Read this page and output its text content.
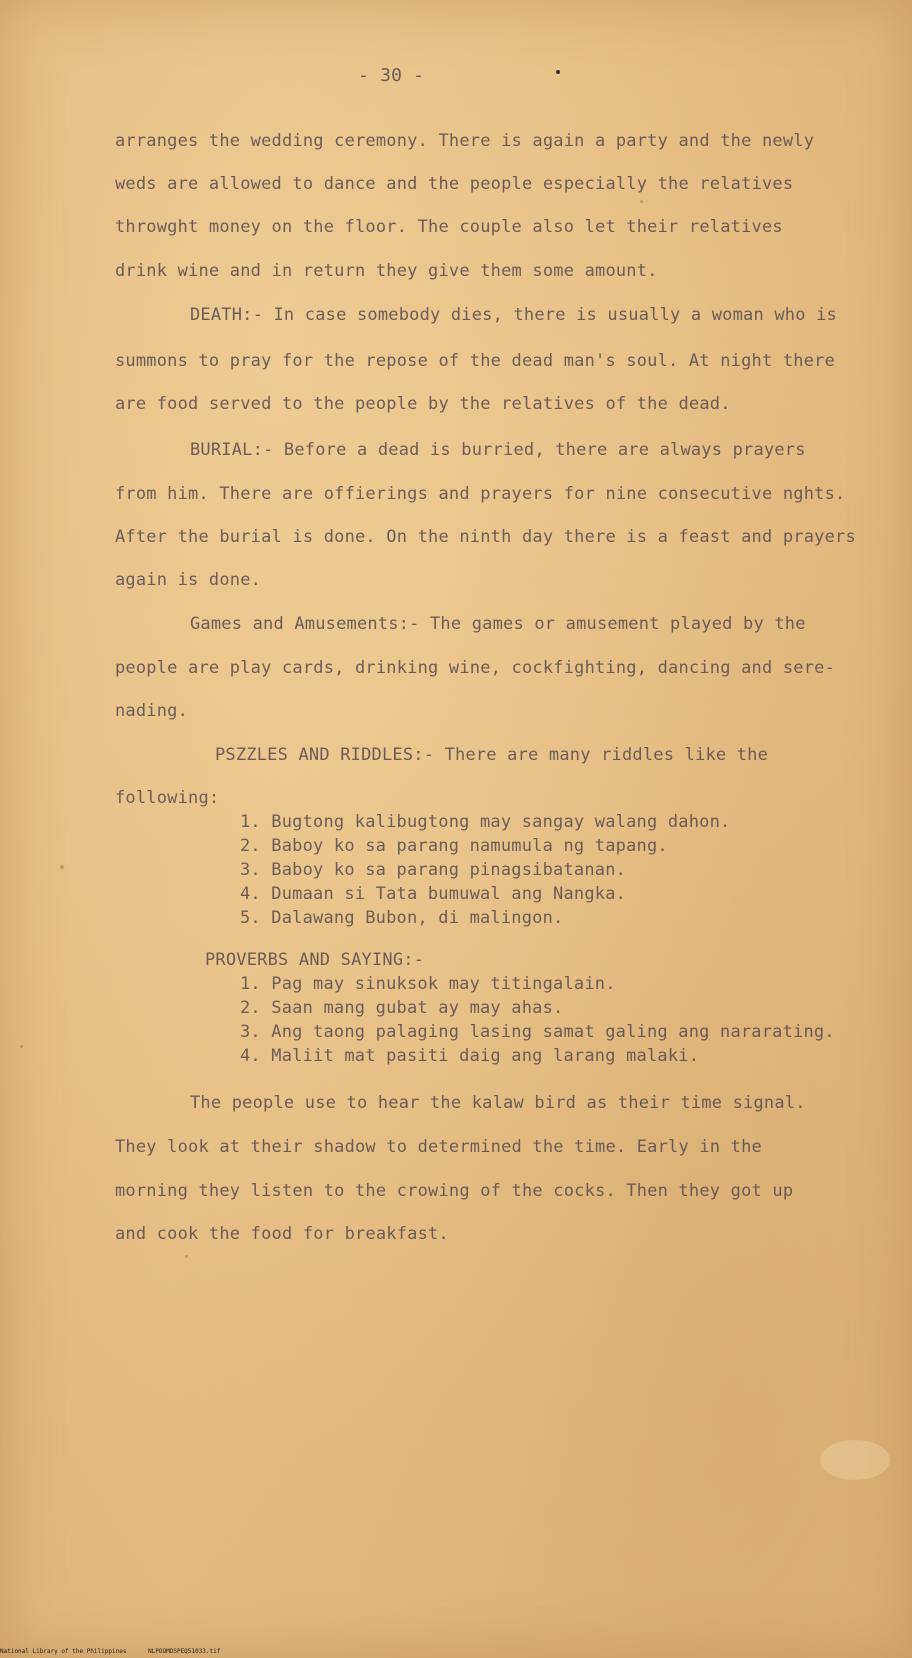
- 30 -
arranges the wedding ceremony. There is again a party and the newly
weds are allowed to dance and the people especially the relatives
throwght money on the floor. The couple also let their relatives
drink wine and in return they give them some amount.
DEATH:- In case somebody dies, there is usually a woman who is
summons to pray for the repose of the dead man's soul. At night there
are food served to the people by the relatives of the dead.
BURIAL:- Before a dead is burried, there are always prayers
from him. There are offierings and prayers for nine consecutive nghts.
After the burial is done. On the ninth day there is a feast and prayers
again is done.
Games and Amusements:- The games or amusement played by the
people are play cards, drinking wine, cockfighting, dancing and sere-
nading.
PSZZLES AND RIDDLES:- There are many riddles like the
following:
1. Bugtong kalibugtong may sangay walang dahon.
2. Baboy ko sa parang namumula ng tapang.
3. Baboy ko sa parang pinagsibatanan.
4. Dumaan si Tata bumuwal ang Nangka.
5. Dalawang Bubon, di malingon.
PROVERBS AND SAYING:-
1. Pag may sinuksok may titingalain.
2. Saan mang gubat ay may ahas.
3. Ang taong palaging lasing samat galing ang nararating.
4. Maliit mat pasiti daig ang larang malaki.
The people use to hear the kalaw bird as their time signal.
They look at their shadow to determined the time. Early in the
morning they listen to the crowing of the cocks. Then they got up
and cook the food for breakfast.
National Library of the Philippines	NLPOOMDSPEQ51033.tif
